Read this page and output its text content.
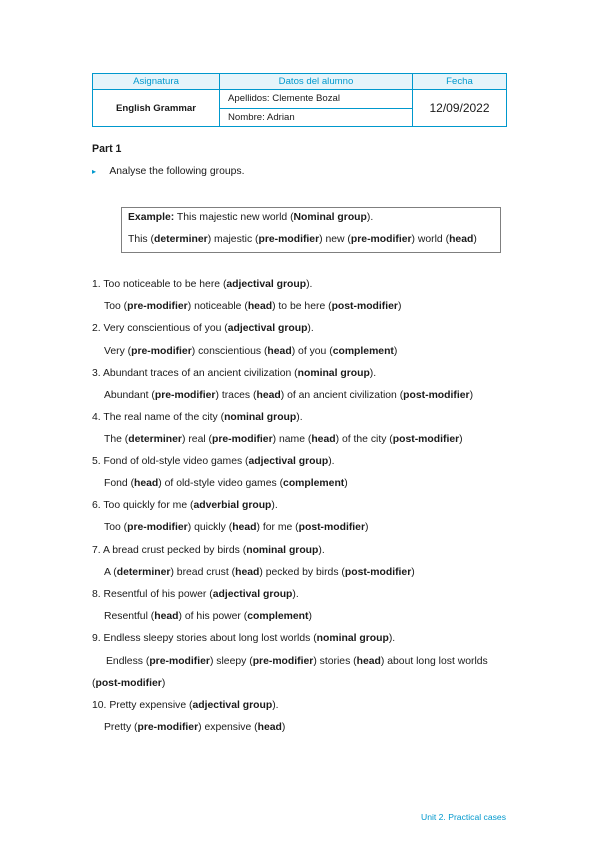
Asignatura	Datos del alumno	Fecha
English Grammar	Apellidos: Clemente Bozal	12/09/2022
	Nombre: Adrian	
Part 1
▸ Analyse the following groups.
Example: This majestic new world (Nominal group).
This (determiner) majestic (pre-modifier) new (pre-modifier) world (head)
1. Too noticeable to be here (adjectival group).
Too (pre-modifier) noticeable (head) to be here (post-modifier)
2. Very conscientious of you (adjectival group).
Very (pre-modifier) conscientious (head) of you (complement)
3. Abundant traces of an ancient civilization (nominal group).
Abundant (pre-modifier) traces (head) of an ancient civilization (post-modifier)
4. The real name of the city (nominal group).
The (determiner) real (pre-modifier) name (head) of the city (post-modifier)
5. Fond of old-style video games (adjectival group).
Fond (head) of old-style video games (complement)
6. Too quickly for me (adverbial group).
Too (pre-modifier) quickly (head) for me (post-modifier)
7. A bread crust pecked by birds (nominal group).
A (determiner) bread crust (head) pecked by birds (post-modifier)
8. Resentful of his power (adjectival group).
Resentful (head) of his power (complement)
9. Endless sleepy stories about long lost worlds (nominal group).
Endless (pre-modifier) sleepy (pre-modifier) stories (head) about long lost worlds
(post-modifier)
10. Pretty expensive (adjectival group).
Pretty (pre-modifier) expensive (head)
Unit 2. Practical cases
